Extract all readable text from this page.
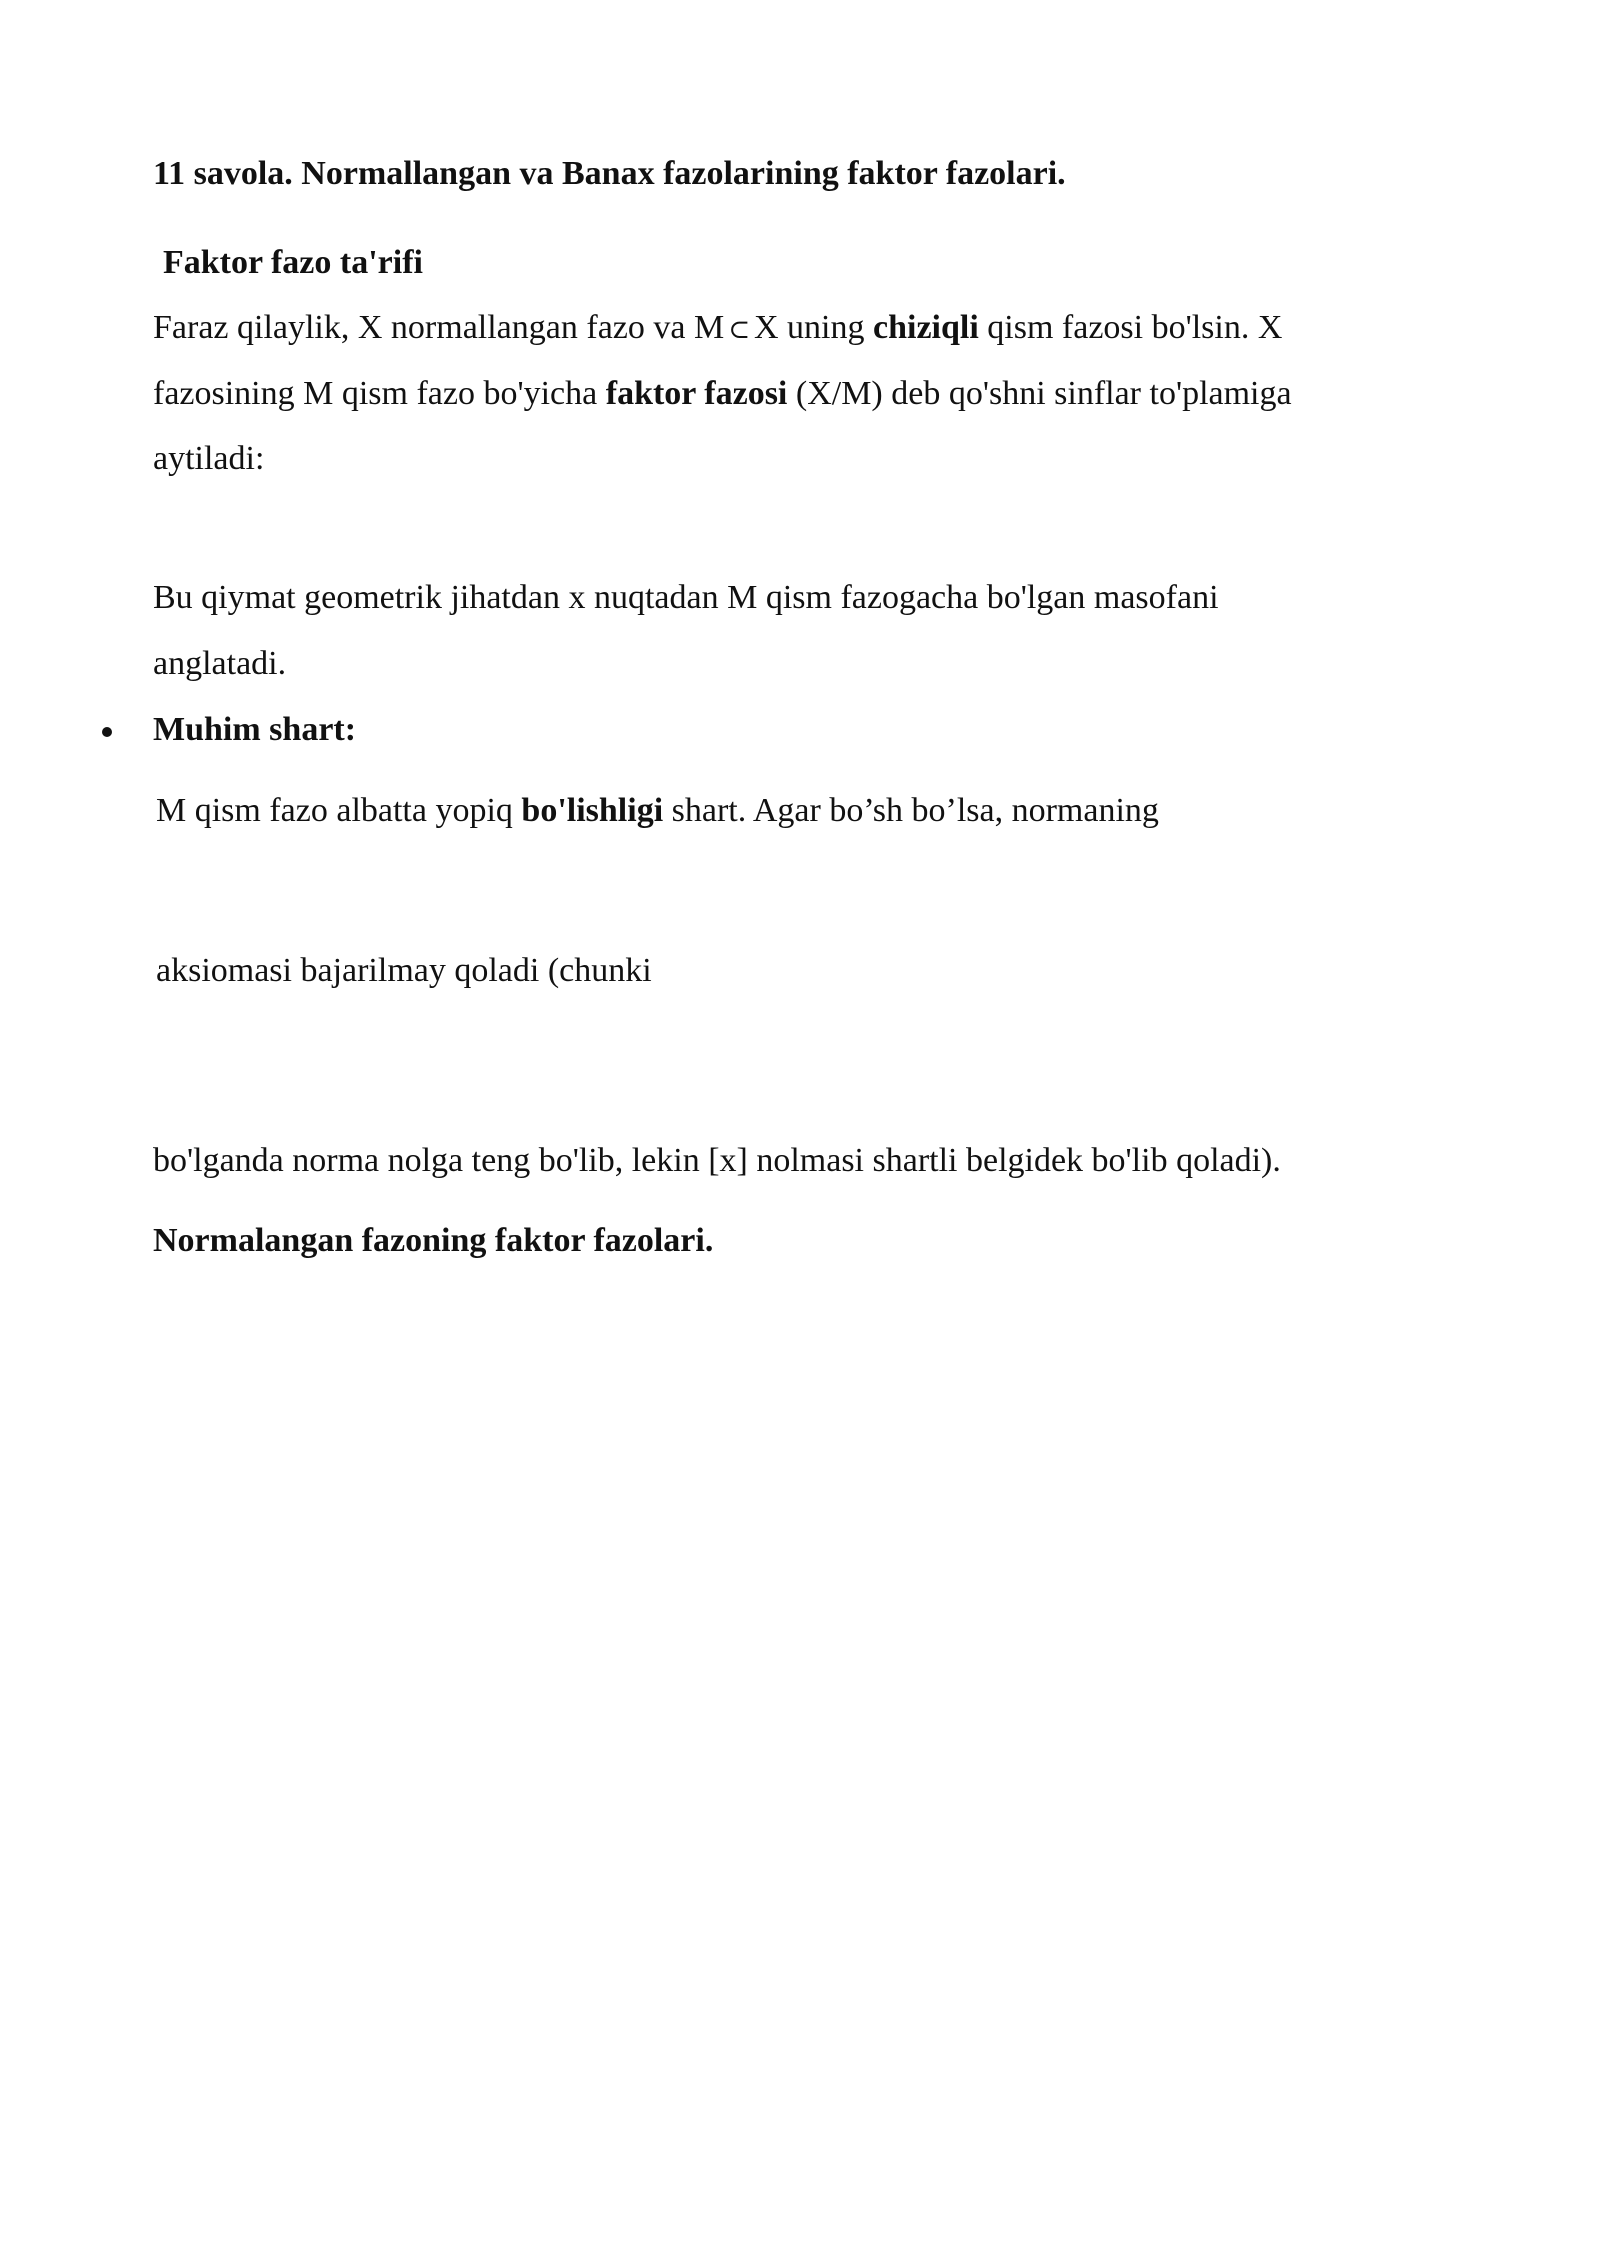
11 savola. Normallangan va Banax fazolarining faktor fazolari.
Faktor fazo ta'rifi
Faraz qilaylik, X normallangan fazo va M ⊂ X uning chiziqli qism fazosi bo'lsin. X
fazosining M qism fazo bo'yicha faktor fazosi (X/M) deb qo'shni sinflar to'plamiga
aytiladi:
Bu qiymat geometrik jihatdan x nuqtadan M qism fazogacha bo'lgan masofani
anglatadi.
Muhim shart:
M qism fazo albatta yopiq bo'lishligi shart. Agar bo’sh bo’lsa, normaning
aksiomasi bajarilmay qoladi (chunki
bo'lganda norma nolga teng bo'lib, lekin [x] nolmasi shartli belgidek bo'lib qoladi).
Normalangan fazoning faktor fazolari.
